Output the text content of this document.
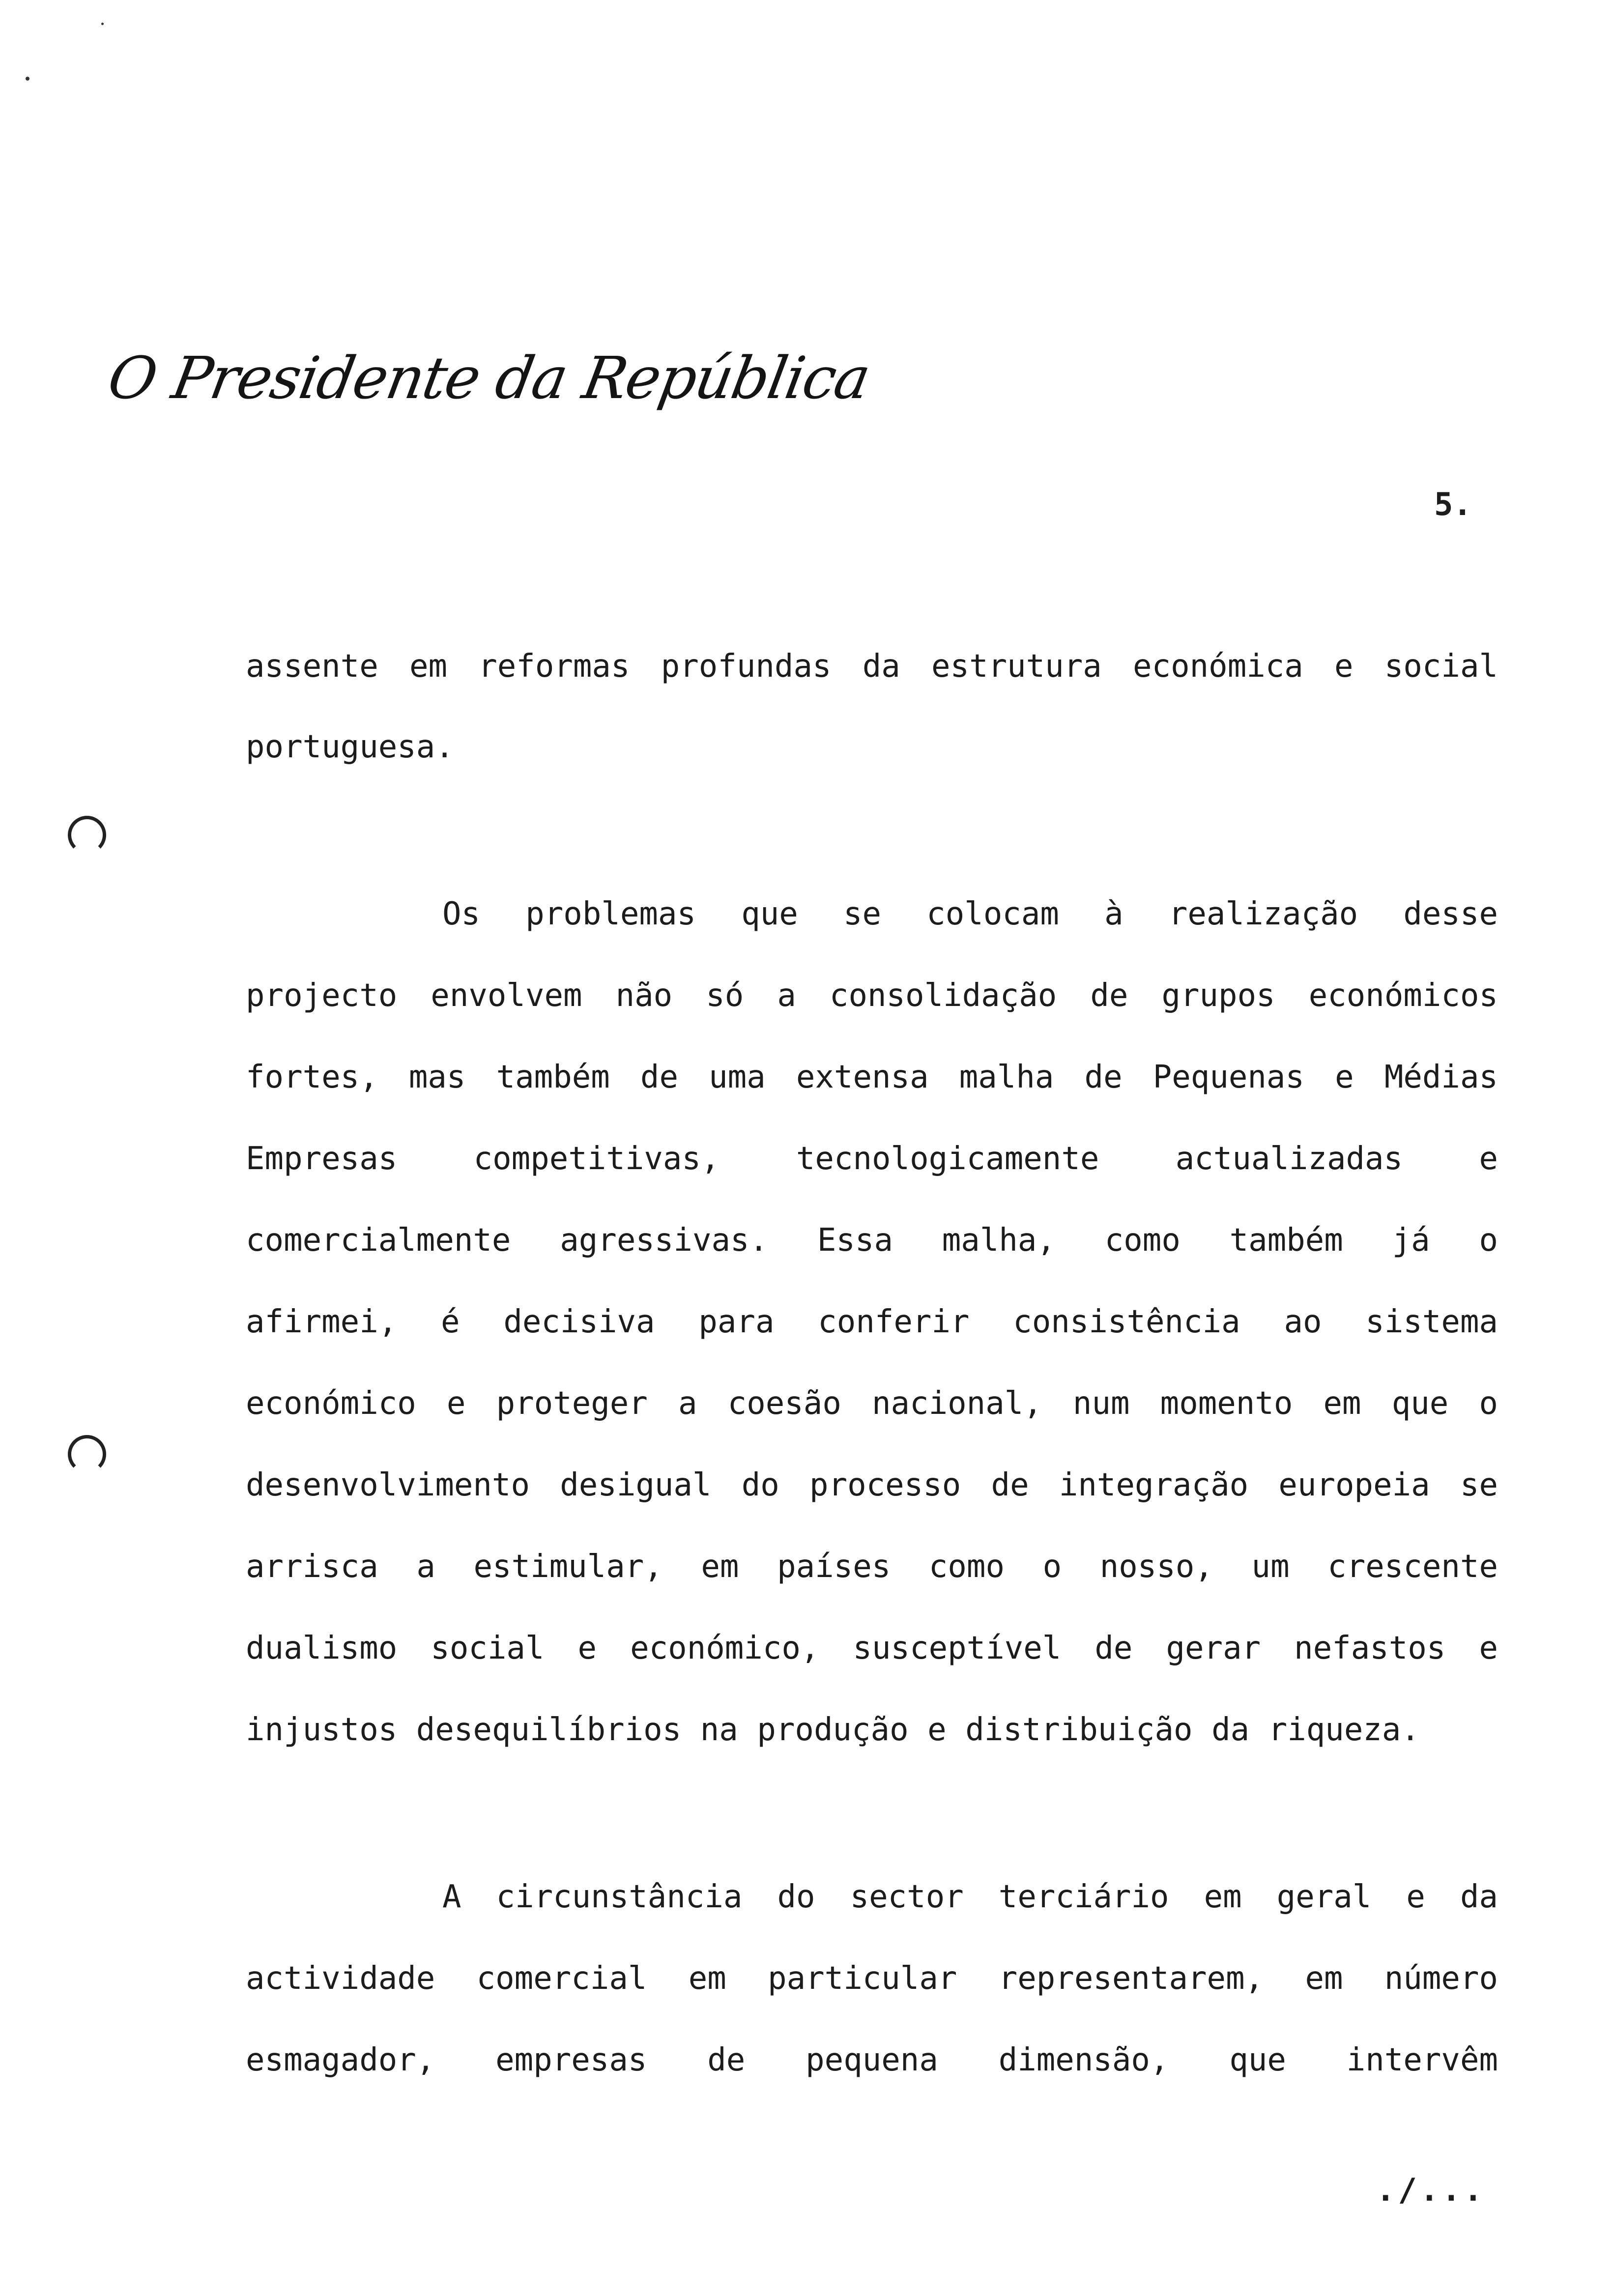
O Presidente da República
5.
assente em reformas profundas da estrutura económica e social
portuguesa.
Os problemas que se colocam à realização desse
projecto envolvem não só a consolidação de grupos económicos
fortes, mas também de uma extensa malha de Pequenas e Médias
Empresas competitivas, tecnologicamente actualizadas e
comercialmente agressivas. Essa malha, como também já o
afirmei, é decisiva para conferir consistência ao sistema
económico e proteger a coesão nacional, num momento em que o
desenvolvimento desigual do processo de integração europeia se
arrisca a estimular, em países como o nosso, um crescente
dualismo social e económico, susceptível de gerar nefastos e
injustos desequilíbrios na produção e distribuição da riqueza.
A circunstância do sector terciário em geral e da
actividade comercial em particular representarem, em número
esmagador, empresas de pequena dimensão, que intervêm
./...
